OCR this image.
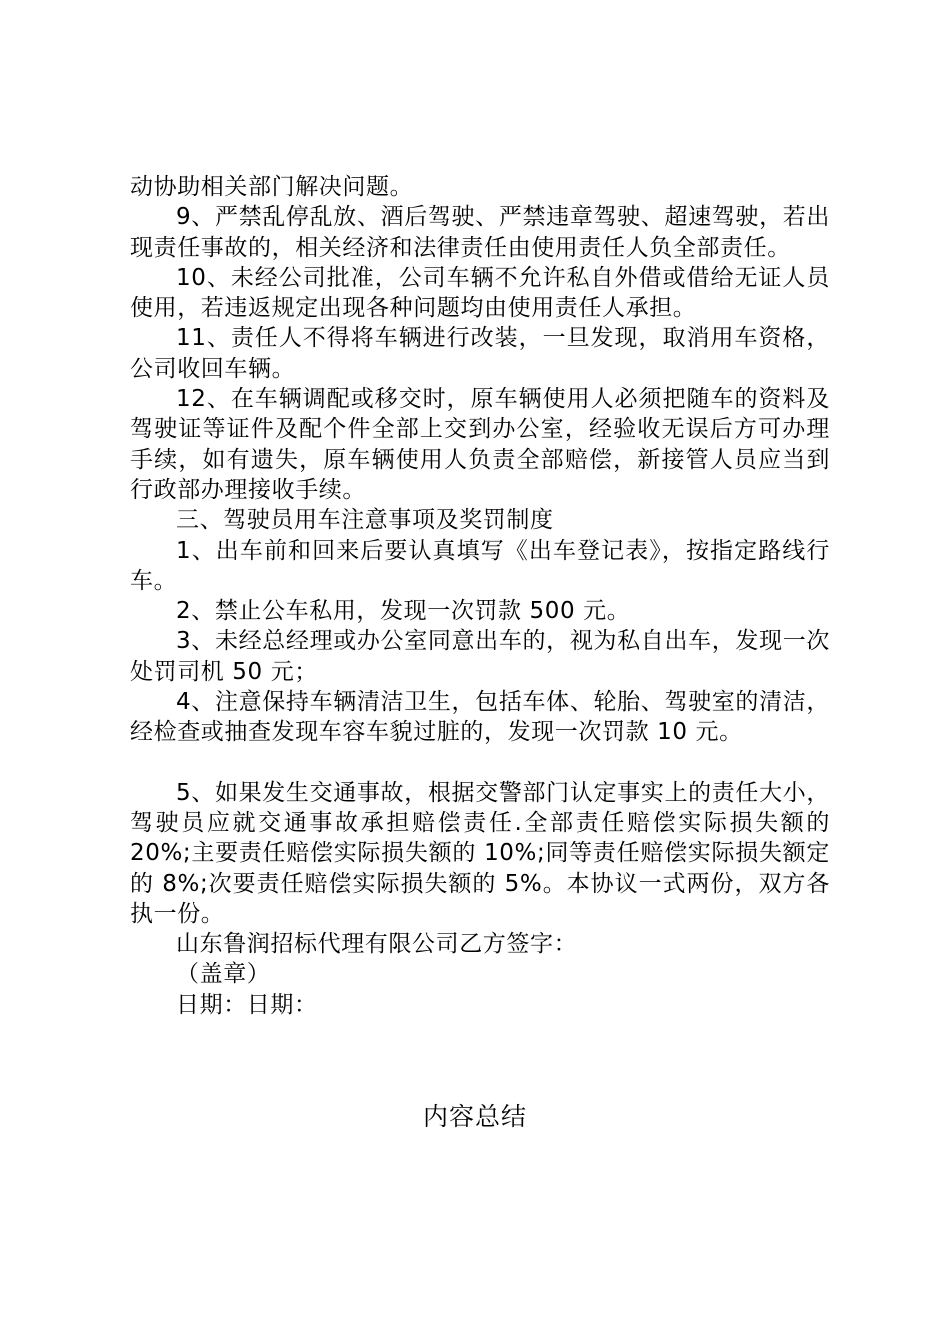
动协助相关部门解决问题。

9、严禁乱停乱放、酒后驾驶、严禁违章驾驶、超速驾驶，若出现责任事故的，相关经济和法律责任由使用责任人负全部责任。

10、未经公司批准，公司车辆不允许私自外借或借给无证人员使用，若违返规定出现各种问题均由使用责任人承担。

11、责任人不得将车辆进行改装，一旦发现，取消用车资格，公司收回车辆。

12、在车辆调配或移交时，原车辆使用人必须把随车的资料及驾驶证等证件及配个件全部上交到办公室，经验收无误后方可办理手续，如有遗失，原车辆使用人负责全部赔偿，新接管人员应当到行政部办理接收手续。

三、驾驶员用车注意事项及奖罚制度

1、出车前和回来后要认真填写《出车登记表》，按指定路线行车。

2、禁止公车私用，发现一次罚款 500 元。

3、未经总经理或办公室同意出车的，视为私自出车，发现一次处罚司机 50 元；

4、注意保持车辆清洁卫生，包括车体、轮胎、驾驶室的清洁，经检查或抽查发现车容车貌过脏的，发现一次罚款 10 元。

5、如果发生交通事故，根据交警部门认定事实上的责任大小，驾驶员应就交通事故承担赔偿责任.全部责任赔偿实际损失额的 20%;主要责任赔偿实际损失额的 10%;同等责任赔偿实际损失额定的 8%;次要责任赔偿实际损失额的 5%。本协议一式两份，双方各执一份。

山东鲁润招标代理有限公司乙方签字：

（盖章）

日期：日期：

内容总结
